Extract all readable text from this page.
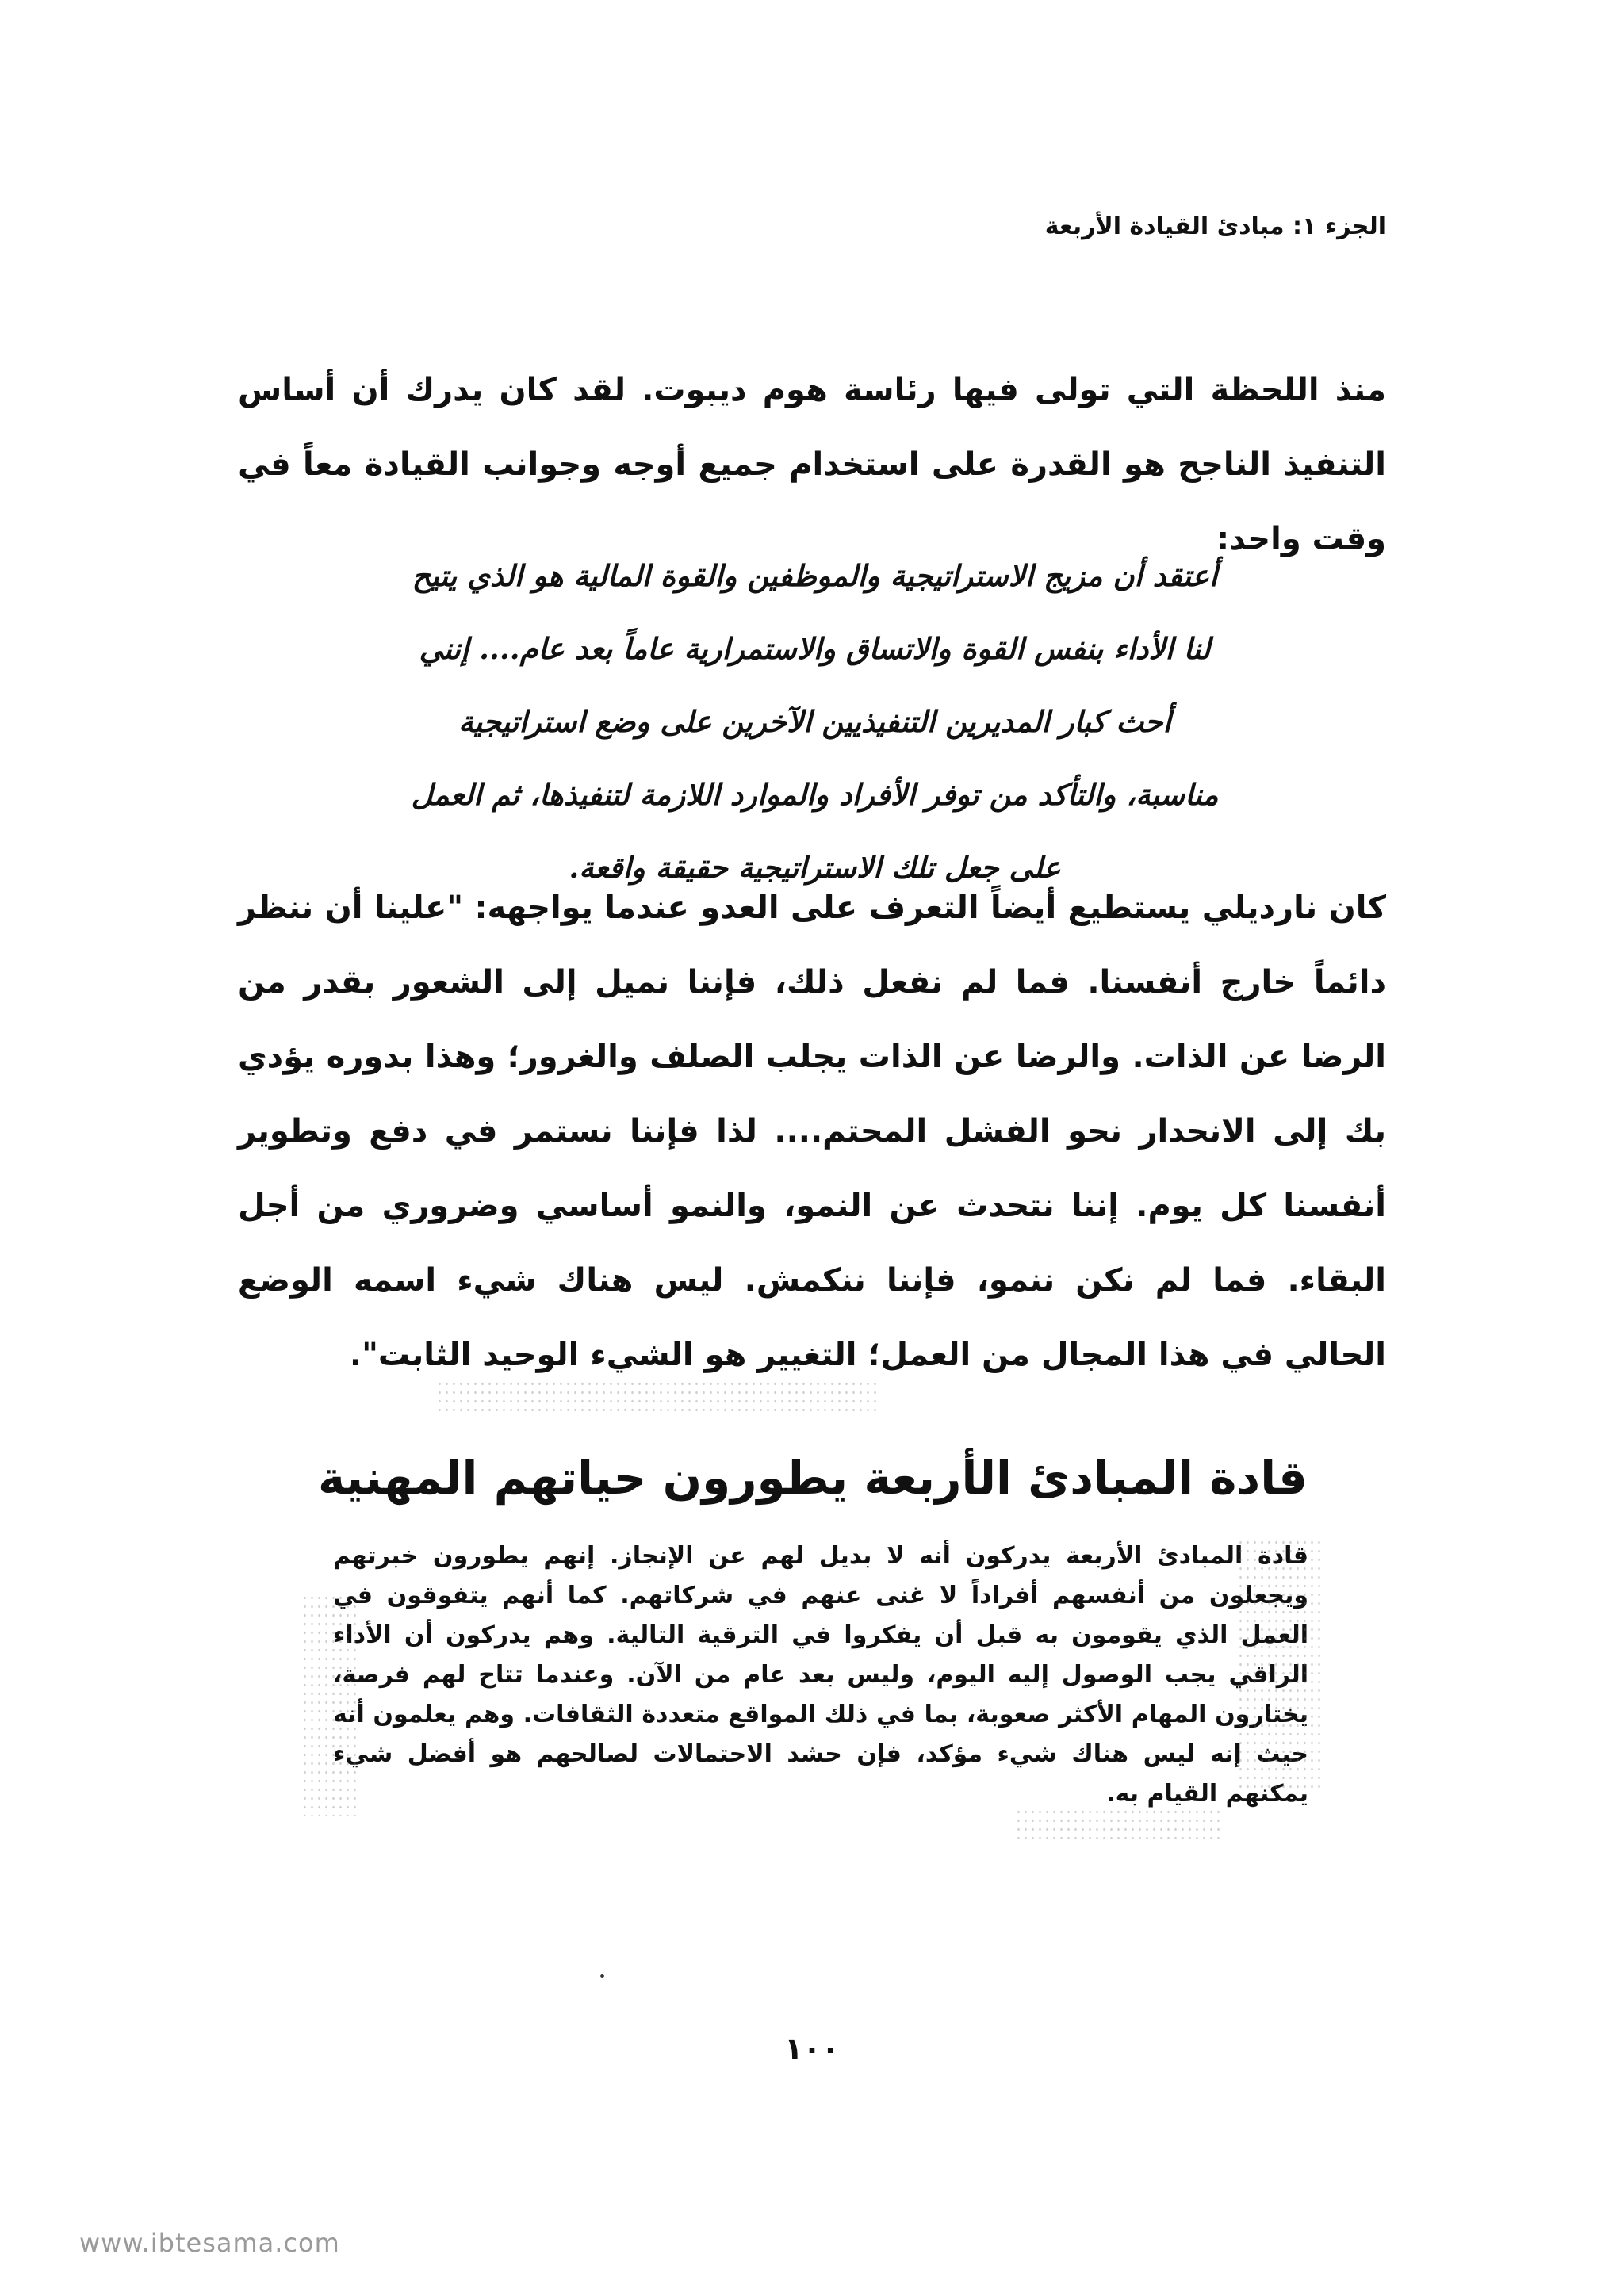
الجزء ١: مبادئ القيادة الأربعة
منذ اللحظة التي تولى فيها رئاسة هوم ديبوت. لقد كان يدرك أن أساس التنفيذ الناجح هو القدرة على استخدام جميع أوجه وجوانب القيادة معاً في وقت واحد:
أعتقد أن مزيج الاستراتيجية والموظفين والقوة المالية هو الذي يتيح
لنا الأداء بنفس القوة والاتساق والاستمرارية عاماً بعد عام.... إنني
أحث كبار المديرين التنفيذيين الآخرين على وضع استراتيجية
مناسبة، والتأكد من توفر الأفراد والموارد اللازمة لتنفيذها، ثم العمل
على جعل تلك الاستراتيجية حقيقة واقعة.
كان نارديلي يستطيع أيضاً التعرف على العدو عندما يواجهه: "علينا أن ننظر دائماً خارج أنفسنا. فما لم نفعل ذلك، فإننا نميل إلى الشعور بقدر من الرضا عن الذات. والرضا عن الذات يجلب الصلف والغرور؛ وهذا بدوره يؤدي بك إلى الانحدار نحو الفشل المحتم.... لذا فإننا نستمر في دفع وتطوير أنفسنا كل يوم. إننا نتحدث عن النمو، والنمو أساسي وضروري من أجل البقاء. فما لم نكن ننمو، فإننا ننكمش. ليس هناك شيء اسمه الوضع الحالي في هذا المجال من العمل؛ التغيير هو الشيء الوحيد الثابت".
قادة المبادئ الأربعة يطورون حياتهم المهنية
قادة المبادئ الأربعة يدركون أنه لا بديل لهم عن الإنجاز. إنهم يطورون خبرتهم ويجعلون من أنفسهم أفراداً لا غنى عنهم في شركاتهم. كما أنهم يتفوقون في العمل الذي يقومون به قبل أن يفكروا في الترقية التالية. وهم يدركون أن الأداء الراقي يجب الوصول إليه اليوم، وليس بعد عام من الآن. وعندما تتاح لهم فرصة، يختارون المهام الأكثر صعوبة، بما في ذلك المواقع متعددة الثقافات. وهم يعلمون أنه حيث إنه ليس هناك شيء مؤكد، فإن حشد الاحتمالات لصالحهم هو أفضل شيء يمكنهم القيام به.
١٠٠
www.ibtesama.com
